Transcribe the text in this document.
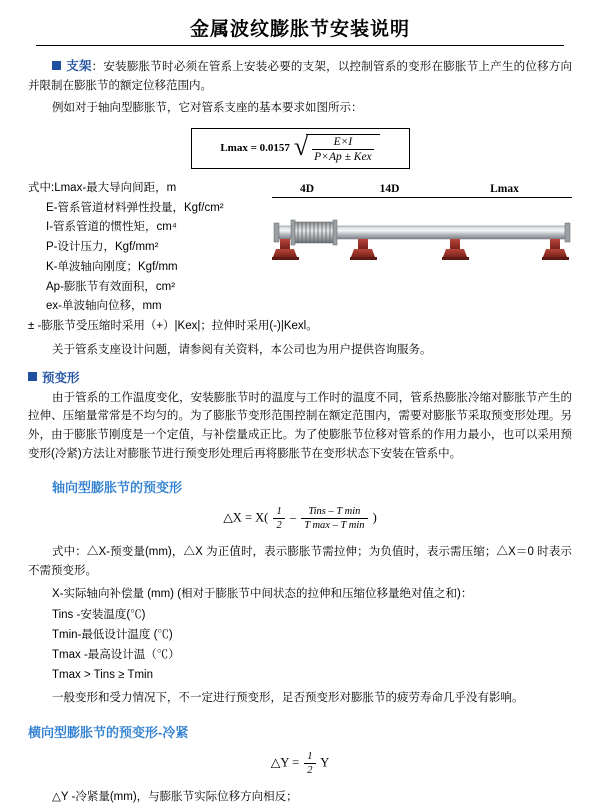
金属波纹膨胀节安装说明

支架：安装膨胀节时必须在管系上安装必要的支架，以控制管系的变形在膨胀节上产生的位移方向并限制在膨胀节的额定位移范围内。

例如对于轴向型膨胀节，它对管系支座的基本要求如图所示：

Lmax = 0.0157 √
$\frac{E\times I}{\text{P×Ap ± Kex}}$
4D	14D	Lmax
式中:Lmax-最大导向间距，m
E-管系管道材料弹性投量，Kgf/cm²
I-管系管道的惯性矩，cm⁴
P-设计压力，Kgf/mm²
K-单波轴向刚度；Kgf/mm
Ap-膨胀节有效面积，cm²
ex-单波轴向位移，mm
± -膨胀节受压缩时采用（+）|Kex|；拉伸时采用(-)|Kexl。

关于管系支座设计问题，请参阅有关资料，本公司也为用户提供咨询服务。

预变形

由于管系的工作温度变化，安装膨胀节时的温度与工作时的温度不同，管系热膨胀冷缩对膨胀节产生的拉伸、压缩量常常是不均匀的。为了膨胀节变形范围控制在额定范围内，需要对膨胀节采取预变形处理。另外，由于膨胀节刚度是一个定值，与补偿量成正比。为了使膨胀节位移对管系的作用力最小，也可以采用预变形(冷紧)方法让对膨胀节进行预变形处理后再将膨胀节在变形状态下安装在管系中。

轴向型膨胀节的预变形
△X = $X( \frac{1}{2}$ –	Tins – T min
T max – T min
)

式中：△X-预变量(mm)，△X 为正值时，表示膨胀节需拉伸；为负值时，表示需压缩；△X＝0 时表示不需预变形。

X-实际轴向补偿量 (mm) (相对于膨胀节中间状态的拉伸和压缩位移量绝对值之和)：
Tins -安装温度(℃)
Tmin-最低设计温度 (℃)
Tmax -最高设计温（℃）
Tmax > Tins ≥ Tmin

一般变形和受力情况下，不一定进行预变形，足否预变形对膨胀节的疲劳寿命几乎没有影响。

横向型膨胀节的预变形-冷紧
△Y = $\frac{1}{2}$ Y

△Y -冷紧量(mm)，与膨胀节实际位移方向相反；
